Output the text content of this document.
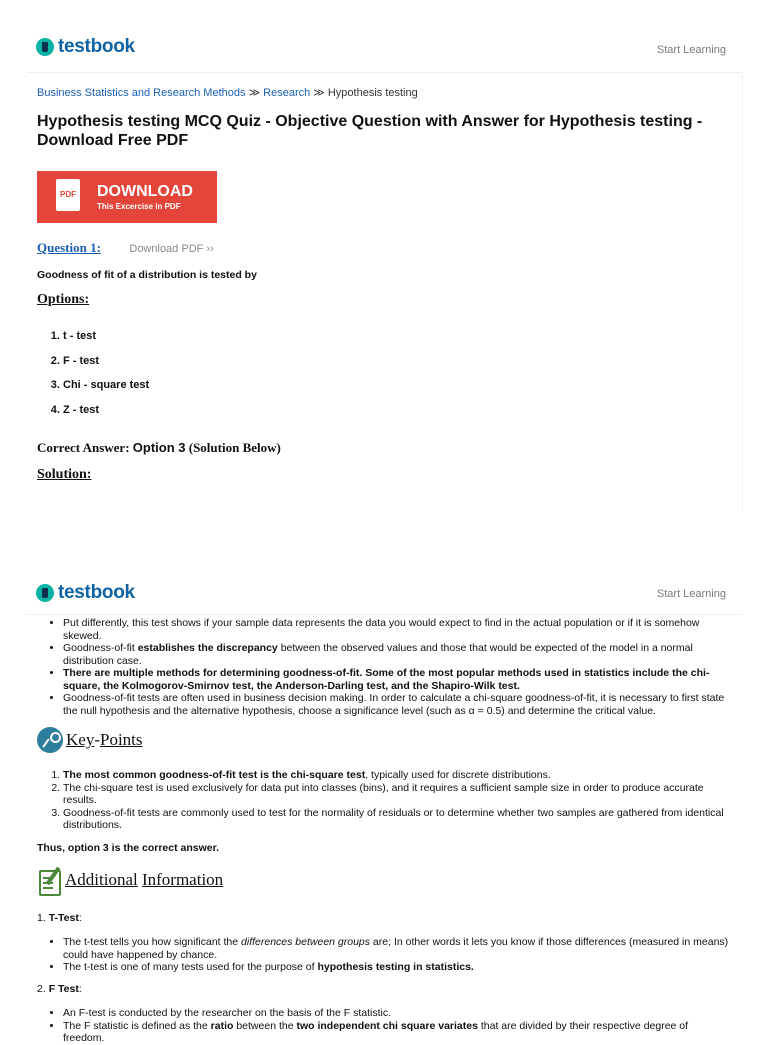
testbook	Start Learning
Business Statistics and Research Methods ≫ Research ≫ Hypothesis testing
Hypothesis testing MCQ Quiz - Objective Question with Answer for Hypothesis testing - Download Free PDF
PDF DOWNLOAD
This Excercise in PDF
Question 1:	Download PDF ››
Goodness of fit of a distribution is tested by
Options:
1. t - test
2. F - test
3. Chi - square test
4. Z - test
Correct Answer: Option 3 (Solution Below)
Solution:
testbook	Start Learning
• Put differently, this test shows if your sample data represents the data you would expect to find in the actual population or if it is somehow skewed.
• Goodness-of-fit establishes the discrepancy between the observed values and those that would be expected of the model in a normal distribution case.
• There are multiple methods for determining goodness-of-fit. Some of the most popular methods used in statistics include the chi-square, the Kolmogorov-Smirnov test, the Anderson-Darling test, and the Shapiro-Wilk test.
• Goodness-of-fit tests are often used in business decision making. In order to calculate a chi-square goodness-of-fit, it is necessary to first state the null hypothesis and the alternative hypothesis, choose a significance level (such as α = 0.5) and determine the critical value.
Key - Points
1. The most common goodness-of-fit test is the chi-square test, typically used for discrete distributions.
2. The chi-square test is used exclusively for data put into classes (bins), and it requires a sufficient sample size in order to produce accurate results.
3. Goodness-of-fit tests are commonly used to test for the normality of residuals or to determine whether two samples are gathered from identical distributions.
Thus, option 3 is the correct answer.
Additional
Information
1. T-Test:
• The t-test tells you how significant the differences between groups are; In other words it lets you know if those differences (measured in means) could have happened by chance.
• The t-test is one of many tests used for the purpose of hypothesis testing in statistics.
2. F Test:
• An F-test is conducted by the researcher on the basis of the F statistic.
• The F statistic is defined as the ratio between the two independent chi square variates that are divided by their respective degree of freedom.
